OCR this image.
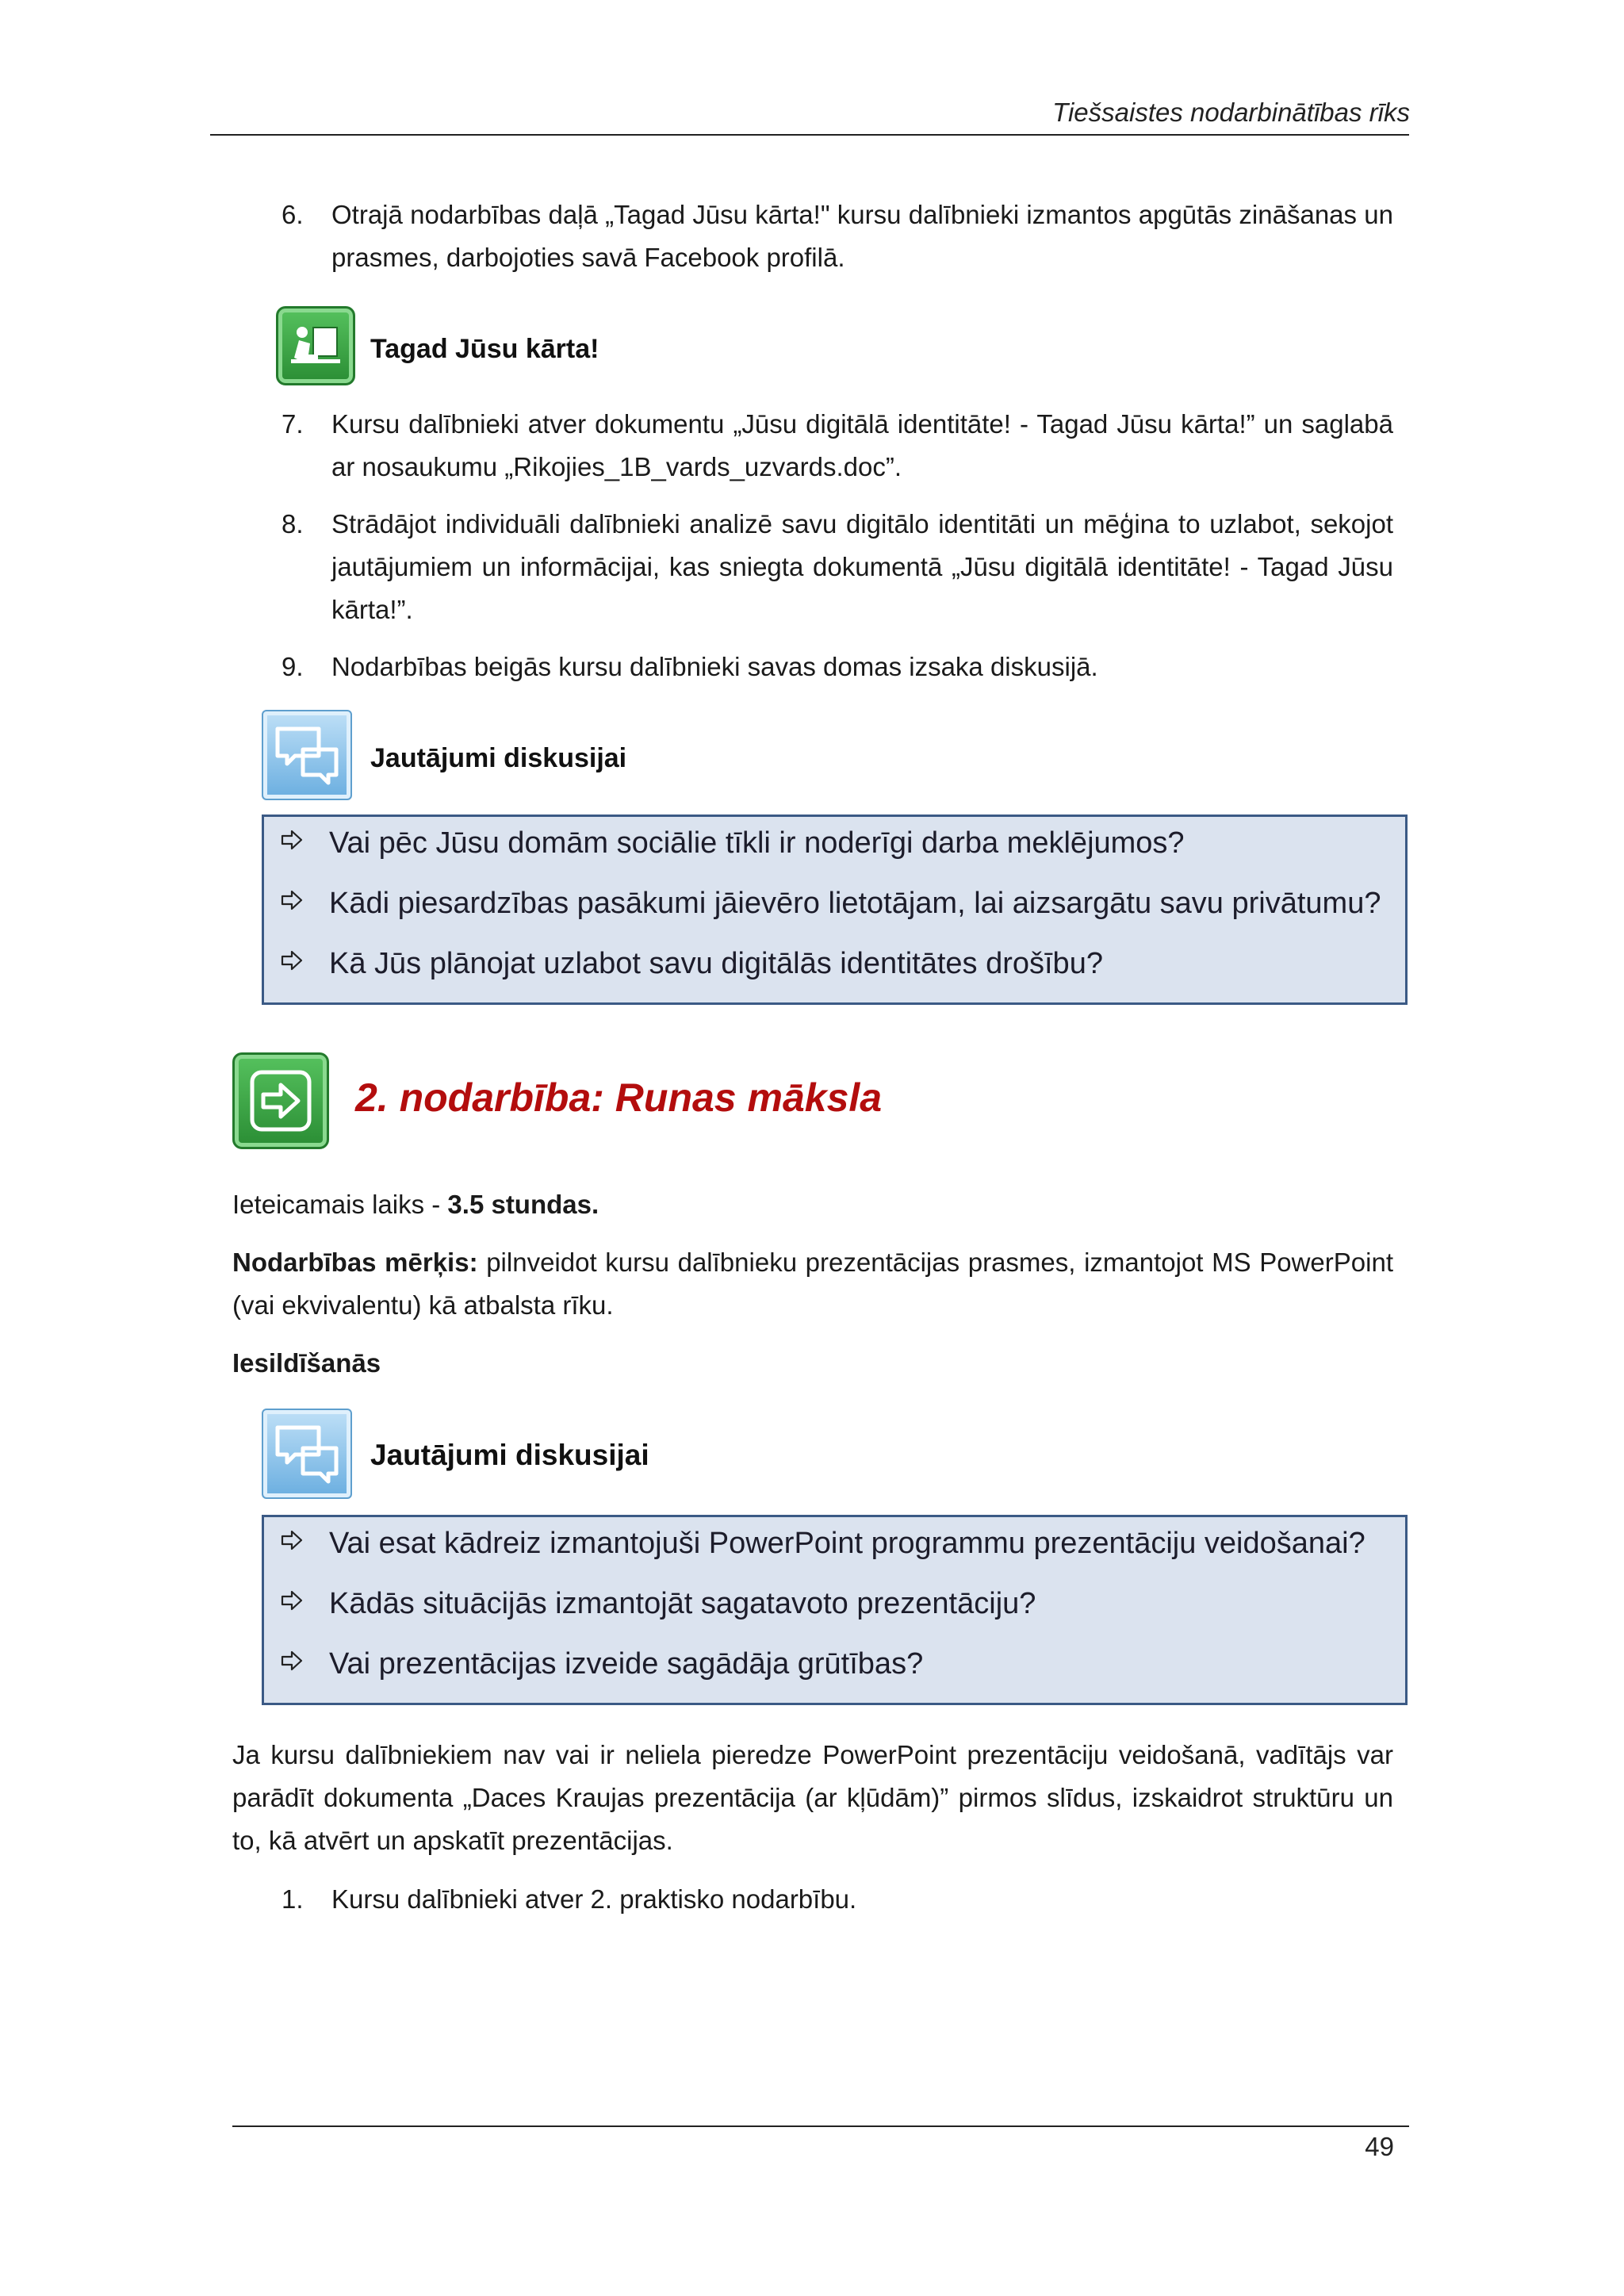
Tiešsaistes nodarbinātības rīks
6. Otrajā nodarbības daļā „Tagad Jūsu kārta!" kursu dalībnieki izmantos apgūtās zināšanas un prasmes, darbojoties savā Facebook profilā.
Tagad Jūsu kārta!
7. Kursu dalībnieki atver dokumentu „Jūsu digitālā identitāte! - Tagad Jūsu kārta!” un saglabā ar nosaukumu „Rikojies_1B_vards_uzvards.doc”.
8. Strādājot individuāli dalībnieki analizē savu digitālo identitāti un mēģina to uzlabot, sekojot jautājumiem un informācijai, kas sniegta dokumentā „Jūsu digitālā identitāte! - Tagad Jūsu kārta!”.
9. Nodarbības beigās kursu dalībnieki savas domas izsaka diskusijā.
Jautājumi diskusijai
Vai pēc Jūsu domām sociālie tīkli ir noderīgi darba meklējumos?
Kādi piesardzības pasākumi jāievēro lietotājam, lai aizsargātu savu privātumu?
Kā Jūs plānojat uzlabot savu digitālās identitātes drošību?
2. nodarbība: Runas māksla
Ieteicamais laiks - 3.5 stundas.
Nodarbības mērķis: pilnveidot kursu dalībnieku prezentācijas prasmes, izmantojot MS PowerPoint (vai ekvivalentu) kā atbalsta rīku.
Iesildīšanās
Jautājumi diskusijai
Vai esat kādreiz izmantojuši PowerPoint programmu prezentāciju veidošanai?
Kādās situācijās izmantojāt sagatavoto prezentāciju?
Vai prezentācijas izveide sagādāja grūtības?
Ja kursu dalībniekiem nav vai ir neliela pieredze PowerPoint prezentāciju veidošanā, vadītājs var parādīt dokumenta „Daces Kraujas prezentācija (ar kļūdām)” pirmos slīdus, izskaidrot struktūru un to, kā atvērt un apskatīt prezentācijas.
1. Kursu dalībnieki atver 2. praktisko nodarbību.
49
